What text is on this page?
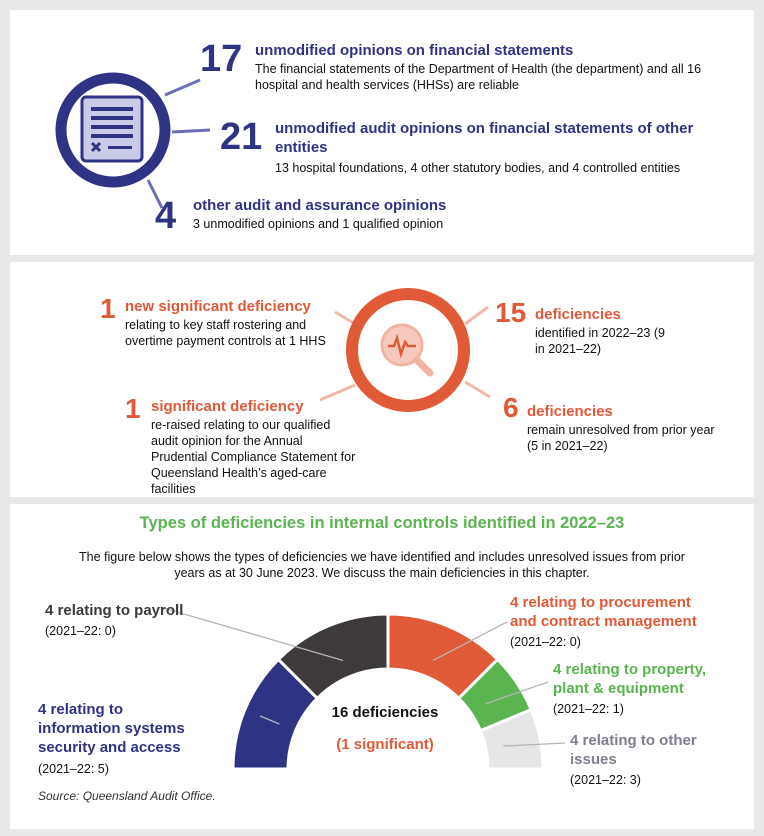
17 unmodified opinions on financial statements
The financial statements of the Department of Health (the department) and all 16 hospital and health services (HHSs) are reliable
21 unmodified audit opinions on financial statements of other entities
13 hospital foundations, 4 other statutory bodies, and 4 controlled entities
4 other audit and assurance opinions
3 unmodified opinions and 1 qualified opinion
1 new significant deficiency
relating to key staff rostering and overtime payment controls at 1 HHS
1 significant deficiency
re-raised relating to our qualified audit opinion for the Annual Prudential Compliance Statement for Queensland Health’s aged-care facilities
15 deficiencies
identified in 2022–23 (9 in 2021–22)
6 deficiencies
remain unresolved from prior year (5 in 2021–22)
Types of deficiencies in internal controls identified in 2022–23
The figure below shows the types of deficiencies we have identified and includes unresolved issues from prior years as at 30 June 2023. We discuss the main deficiencies in this chapter.
16 deficiencies
(1 significant)
4 relating to payroll
(2021–22: 0)
4 relating to procurement
and contract management
(2021–22: 0)
4 relating to property,
plant & equipment
(2021–22: 1)
4 relating to
information systems
security and access
(2021–22: 5)
4 relating to other
issues
(2021–22: 3)
Source: Queensland Audit Office.
